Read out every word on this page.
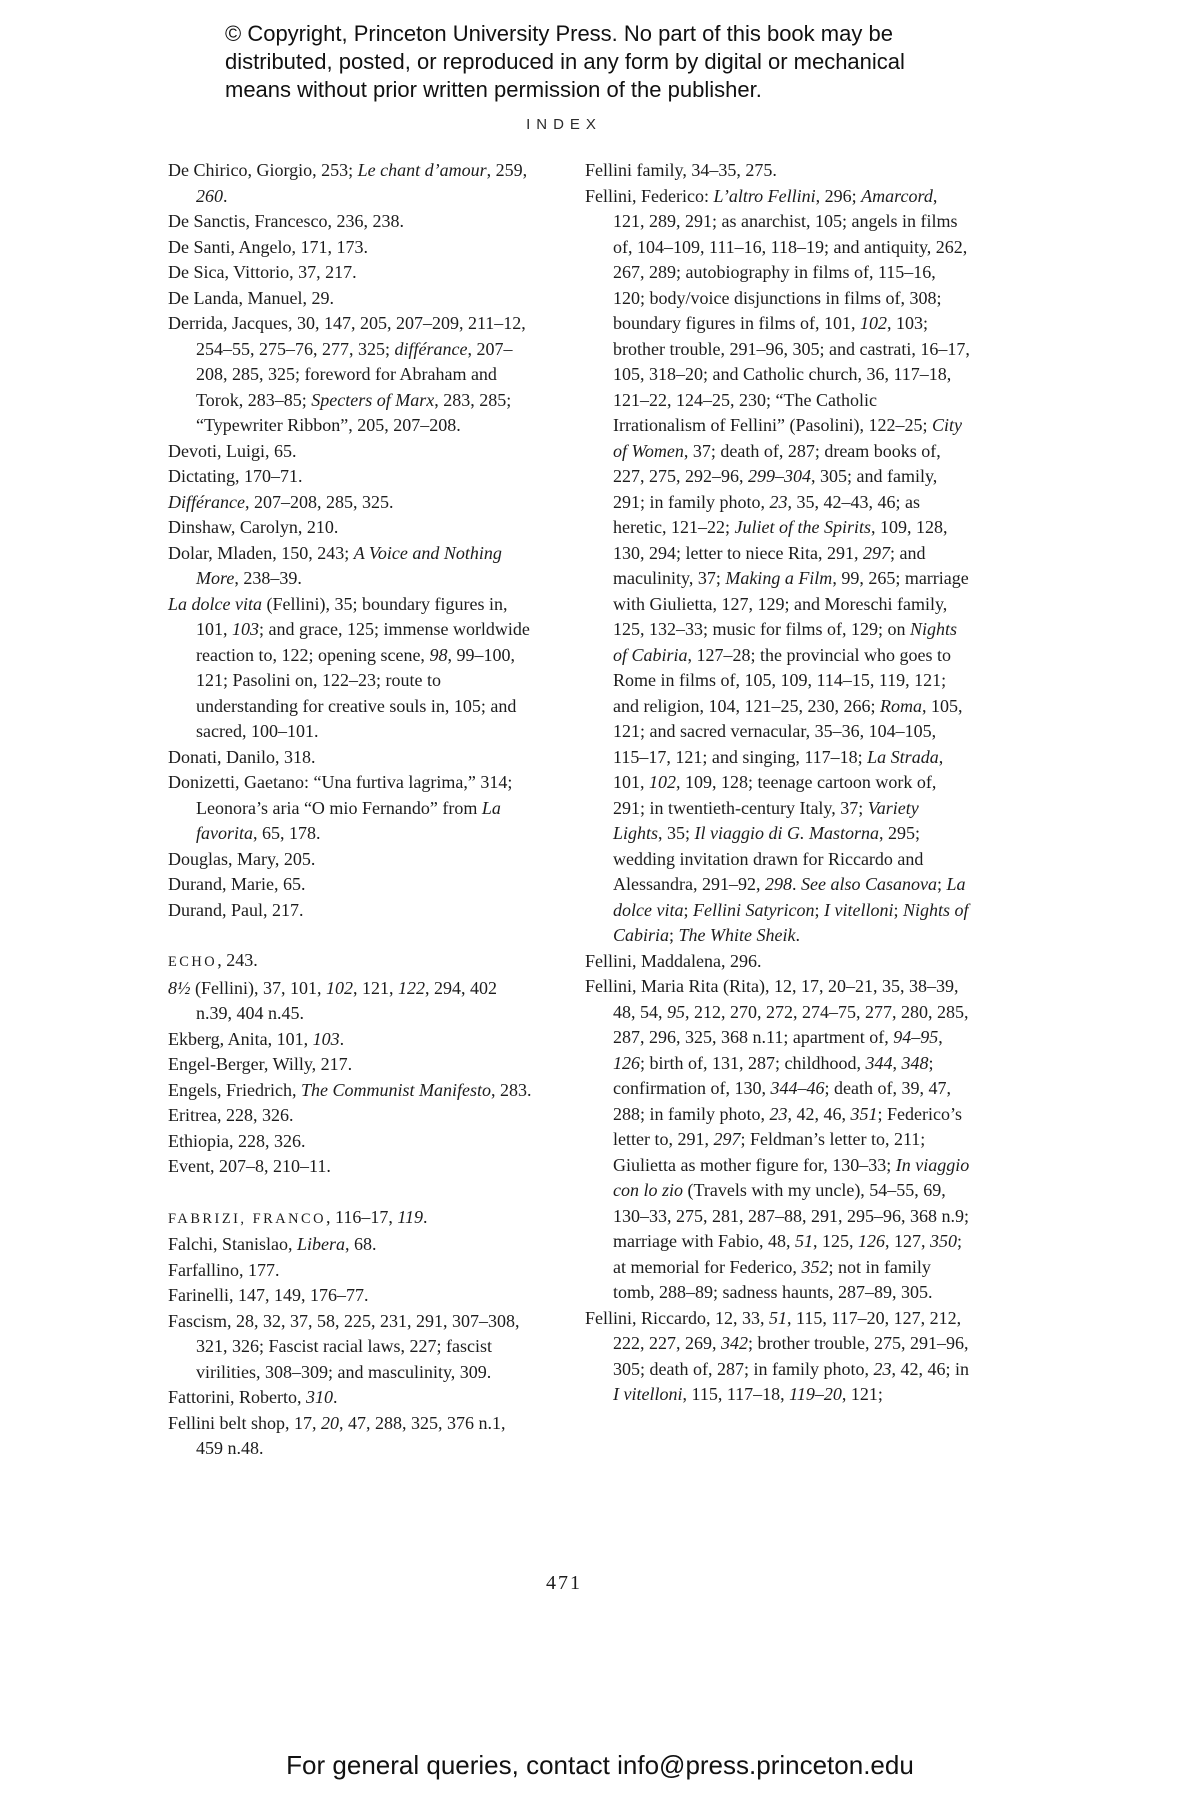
© Copyright, Princeton University Press. No part of this book may be
distributed, posted, or reproduced in any form by digital or mechanical
means without prior written permission of the publisher.
INDEX
De Chirico, Giorgio, 253; Le chant d’amour, 259, 260.
De Sanctis, Francesco, 236, 238.
De Santi, Angelo, 171, 173.
De Sica, Vittorio, 37, 217.
De Landa, Manuel, 29.
Derrida, Jacques, 30, 147, 205, 207–209, 211–12, 254–55, 275–76, 277, 325; différance, 207–208, 285, 325; foreword for Abraham and Torok, 283–85; Specters of Marx, 283, 285; “Typewriter Ribbon”, 205, 207–208.
Devoti, Luigi, 65.
Dictating, 170–71.
Différance, 207–208, 285, 325.
Dinshaw, Carolyn, 210.
Dolar, Mladen, 150, 243; A Voice and Nothing More, 238–39.
La dolce vita (Fellini), 35; boundary figures in, 101, 103; and grace, 125; immense worldwide reaction to, 122; opening scene, 98, 99–100, 121; Pasolini on, 122–23; route to understanding for creative souls in, 105; and sacred, 100–101.
Donati, Danilo, 318.
Donizetti, Gaetano: “Una furtiva lagrima,” 314; Leonora’s aria “O mio Fernando” from La favorita, 65, 178.
Douglas, Mary, 205.
Durand, Marie, 65.
Durand, Paul, 217.
ECHO, 243.
8½ (Fellini), 37, 101, 102, 121, 122, 294, 402 n.39, 404 n.45.
Ekberg, Anita, 101, 103.
Engel-Berger, Willy, 217.
Engels, Friedrich, The Communist Manifesto, 283.
Eritrea, 228, 326.
Ethiopia, 228, 326.
Event, 207–8, 210–11.
FABRIZI, FRANCO, 116–17, 119.
Falchi, Stanislao, Libera, 68.
Farfallino, 177.
Farinelli, 147, 149, 176–77.
Fascism, 28, 32, 37, 58, 225, 231, 291, 307–308, 321, 326; Fascist racial laws, 227; fascist virilities, 308–309; and masculinity, 309.
Fattorini, Roberto, 310.
Fellini belt shop, 17, 20, 47, 288, 325, 376 n.1, 459 n.48.
Fellini family, 34–35, 275.
Fellini, Federico: L’altro Fellini, 296; Amarcord, 121, 289, 291; as anarchist, 105; angels in films of, 104–109, 111–16, 118–19; and antiquity, 262, 267, 289; autobiography in films of, 115–16, 120; body/voice disjunctions in films of, 308; boundary figures in films of, 101, 102, 103; brother trouble, 291–96, 305; and castrati, 16–17, 105, 318–20; and Catholic church, 36, 117–18, 121–22, 124–25, 230; “The Catholic Irrationalism of Fellini” (Pasolini), 122–25; City of Women, 37; death of, 287; dream books of, 227, 275, 292–96, 299–304, 305; and family, 291; in family photo, 23, 35, 42–43, 46; as heretic, 121–22; Juliet of the Spirits, 109, 128, 130, 294; letter to niece Rita, 291, 297; and maculinity, 37; Making a Film, 99, 265; marriage with Giulietta, 127, 129; and Moreschi family, 125, 132–33; music for films of, 129; on Nights of Cabiria, 127–28; the provincial who goes to Rome in films of, 105, 109, 114–15, 119, 121; and religion, 104, 121–25, 230, 266; Roma, 105, 121; and sacred vernacular, 35–36, 104–105, 115–17, 121; and singing, 117–18; La Strada, 101, 102, 109, 128; teenage cartoon work of, 291; in twentieth-century Italy, 37; Variety Lights, 35; Il viaggio di G. Mastorna, 295; wedding invitation drawn for Riccardo and Alessandra, 291–92, 298. See also Casanova; La dolce vita; Fellini Satyricon; I vitelloni; Nights of Cabiria; The White Sheik.
Fellini, Maddalena, 296.
Fellini, Maria Rita (Rita), 12, 17, 20–21, 35, 38–39, 48, 54, 95, 212, 270, 272, 274–75, 277, 280, 285, 287, 296, 325, 368 n.11; apartment of, 94–95, 126; birth of, 131, 287; childhood, 344, 348; confirmation of, 130, 344–46; death of, 39, 47, 288; in family photo, 23, 42, 46, 351; Federico’s letter to, 291, 297; Feldman’s letter to, 211; Giulietta as mother figure for, 130–33; In viaggio con lo zio (Travels with my uncle), 54–55, 69, 130–33, 275, 281, 287–88, 291, 295–96, 368 n.9; marriage with Fabio, 48, 51, 125, 126, 127, 350; at memorial for Federico, 352; not in family tomb, 288–89; sadness haunts, 287–89, 305.
Fellini, Riccardo, 12, 33, 51, 115, 117–20, 127, 212, 222, 227, 269, 342; brother trouble, 275, 291–96, 305; death of, 287; in family photo, 23, 42, 46; in I vitelloni, 115, 117–18, 119–20, 121;
471
For general queries, contact info@press.princeton.edu
